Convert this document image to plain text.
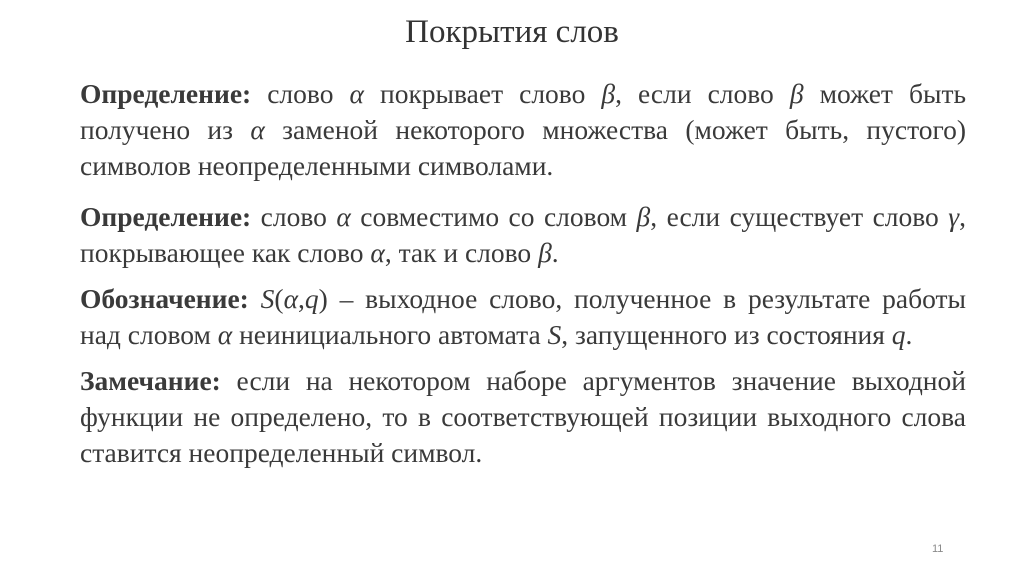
Покрытия слов

Определение: слово α покрывает слово β, если слово β может быть получено из α заменой некоторого множества (может быть, пустого) символов неопределенными символами.

Определение: слово α совместимо со словом β, если существует слово γ, покрывающее как слово α, так и слово β.

Обозначение: S(α,q) – выходное слово, полученное в результате работы над словом α неинициального автомата S, запущенного из состояния q.

Замечание: если на некотором наборе аргументов значение выходной функции не определено, то в соответствующей позиции выходного слова ставится неопределенный символ.

11
